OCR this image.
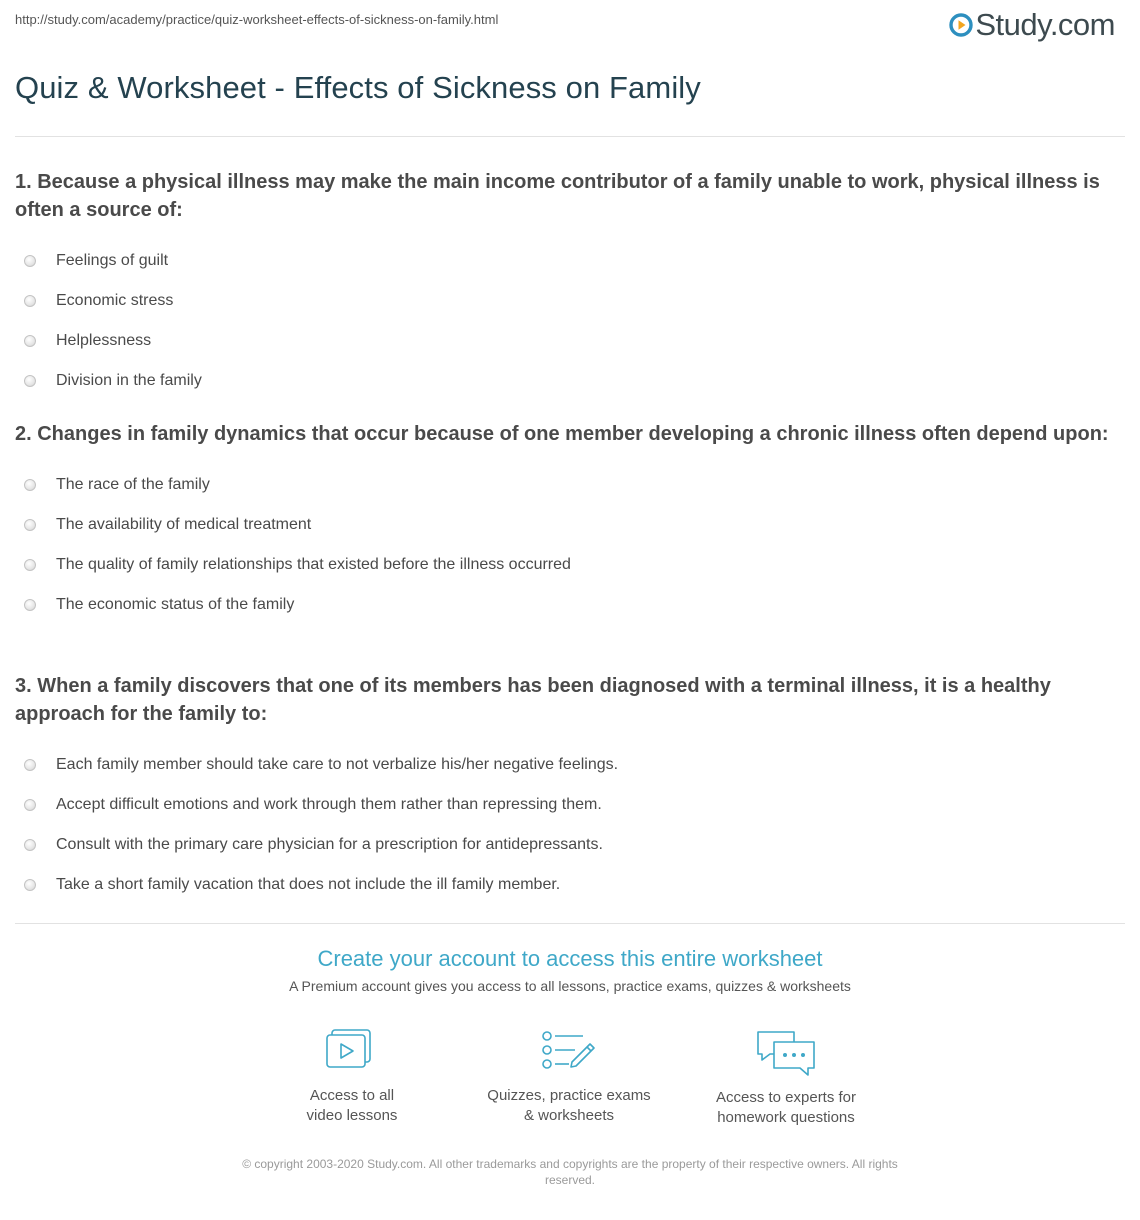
http://study.com/academy/practice/quiz-worksheet-effects-of-sickness-on-family.html	Study.com
Quiz & Worksheet - Effects of Sickness on Family

1. Because a physical illness may make the main income contributor of a family unable to work, physical illness is often a source of:

Feelings of guilt
Economic stress
Helplessness
Division in the family

2. Changes in family dynamics that occur because of one member developing a chronic illness often depend upon:

The race of the family
The availability of medical treatment
The quality of family relationships that existed before the illness occurred
The economic status of the family

3. When a family discovers that one of its members has been diagnosed with a terminal illness, it is a healthy approach for the family to:

Each family member should take care to not verbalize his/her negative feelings.
Accept difficult emotions and work through them rather than repressing them.
Consult with the primary care physician for a prescription for antidepressants.
Take a short family vacation that does not include the ill family member.
Create your account to access this entire worksheet
A Premium account gives you access to all lessons, practice exams, quizzes & worksheets
Access to all
video lessons
Quizzes, practice exams
& worksheets
Access to experts for
homework questions
© copyright 2003-2020 Study.com. All other trademarks and copyrights are the property of their respective owners. All rights reserved.
